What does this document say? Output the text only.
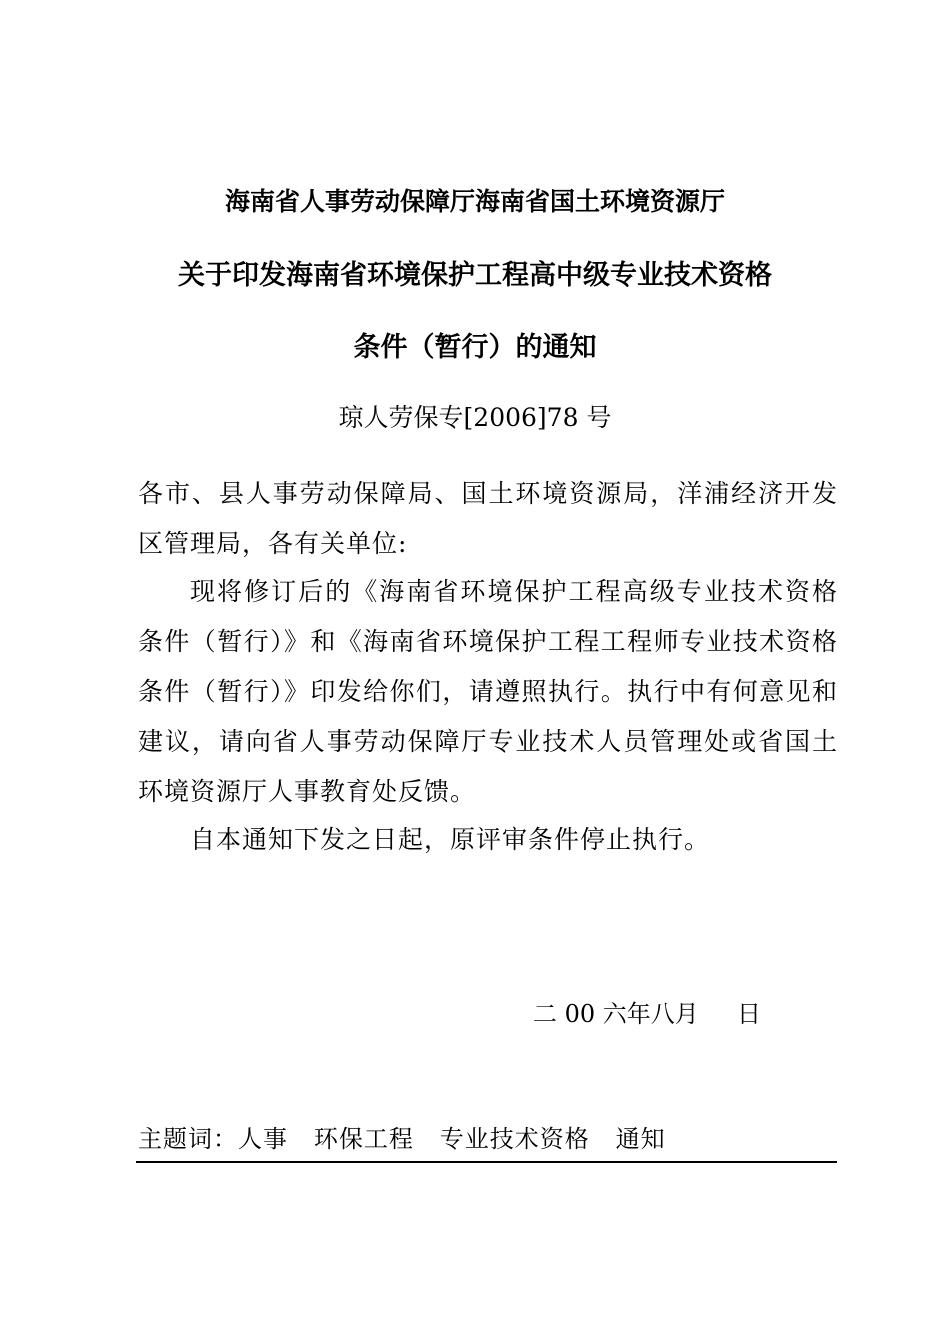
海南省人事劳动保障厅海南省国土环境资源厅
关于印发海南省环境保护工程高中级专业技术资格
条件（暂行）的通知
琼人劳保专[2006]78 号
各市、县人事劳动保障局、国土环境资源局，洋浦经济开发区管理局，各有关单位:
现将修订后的《海南省环境保护工程高级专业技术资格条件（暂行）》和《海南省环境保护工程工程师专业技术资格条件（暂行）》印发给你们，请遵照执行。执行中有何意见和建议，请向省人事劳动保障厅专业技术人员管理处或省国土环境资源厅人事教育处反馈。
自本通知下发之日起，原评审条件停止执行。
二 00 六年八月     日
主题词：人事   环保工程   专业技术资格   通知
